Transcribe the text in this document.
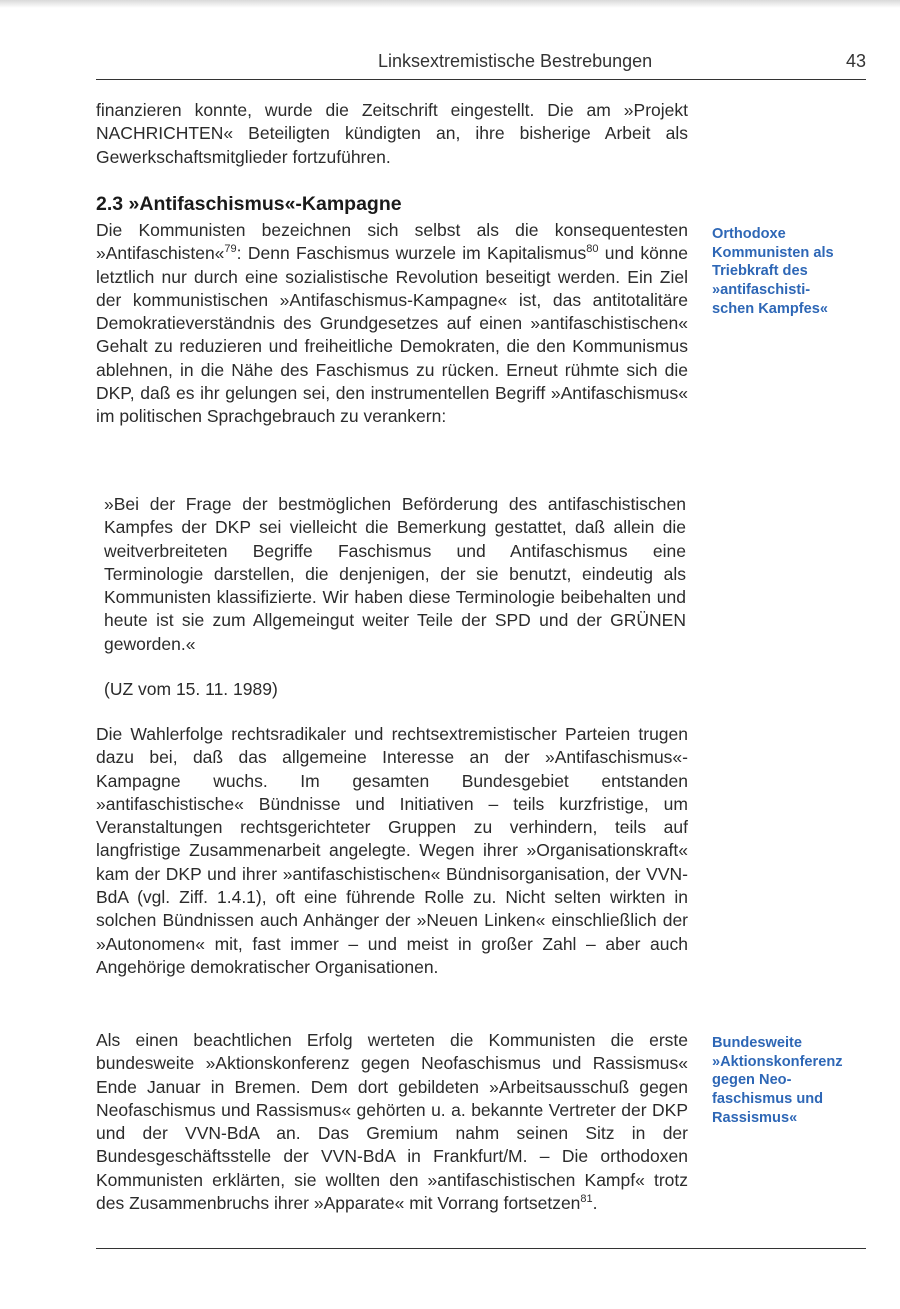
Linksextremistische Bestrebungen	43

finanzieren konnte, wurde die Zeitschrift eingestellt. Die am »Projekt NACHRICHTEN« Beteiligten kündigten an, ihre bisherige Arbeit als Gewerkschaftsmitglieder fortzuführen.

2.3 »Antifaschismus«-Kampagne

Die Kommunisten bezeichnen sich selbst als die konsequentesten »Antifaschisten«$^{79}$: Denn Faschismus wurzele im Kapitalismus$^{80}$ und könne letztlich nur durch eine sozialistische Revolution beseitigt werden. Ein Ziel der kommunistischen »Antifaschismus-Kampagne« ist, das antitotalitäre Demokratieverständnis des Grundgesetzes auf einen »antifaschistischen« Gehalt zu reduzieren und freiheitliche Demokraten, die den Kommunismus ablehnen, in die Nähe des Faschismus zu rücken. Erneut rühmte sich die DKP, daß es ihr gelungen sei, den instrumentellen Begriff »Antifaschismus« im politischen Sprachgebrauch zu verankern:

Orthodoxe
Kommunisten als
Triebkraft des
»antifaschisti-
schen Kampfes«

»Bei der Frage der bestmöglichen Beförderung des antifaschistischen Kampfes der DKP sei vielleicht die Bemerkung gestattet, daß allein die weitverbreiteten Begriffe Faschismus und Antifaschismus eine Terminologie darstellen, die denjenigen, der sie benutzt, eindeutig als Kommunisten klassifizierte. Wir haben diese Terminologie beibehalten und heute ist sie zum Allgemeingut weiter Teile der SPD und der GRÜNEN geworden.«

(UZ vom 15. 11. 1989)

Die Wahlerfolge rechtsradikaler und rechtsextremistischer Parteien trugen dazu bei, daß das allgemeine Interesse an der »Antifaschismus«-Kampagne wuchs. Im gesamten Bundesgebiet entstanden »antifaschistische« Bündnisse und Initiativen – teils kurzfristige, um Veranstaltungen rechtsgerichteter Gruppen zu verhindern, teils auf langfristige Zusammenarbeit angelegte. Wegen ihrer »Organisationskraft« kam der DKP und ihrer »antifaschistischen« Bündnisorganisation, der VVN-BdA (vgl. Ziff. 1.4.1), oft eine führende Rolle zu. Nicht selten wirkten in solchen Bündnissen auch Anhänger der »Neuen Linken« einschließlich der »Autonomen« mit, fast immer – und meist in großer Zahl – aber auch Angehörige demokratischer Organisationen.

Als einen beachtlichen Erfolg werteten die Kommunisten die erste bundesweite »Aktionskonferenz gegen Neofaschismus und Rassismus« Ende Januar in Bremen. Dem dort gebildeten »Arbeitsausschuß gegen Neofaschismus und Rassismus« gehörten u. a. bekannte Vertreter der DKP und der VVN-BdA an. Das Gremium nahm seinen Sitz in der Bundesgeschäftsstelle der VVN-BdA in Frankfurt/M. – Die orthodoxen Kommunisten erklärten, sie wollten den »antifaschistischen Kampf« trotz des Zusammenbruchs ihrer »Apparate« mit Vorrang fortsetzen$^{81}$.

Bundesweite
»Aktionskonferenz
gegen Neo-
faschismus und
Rassismus«
